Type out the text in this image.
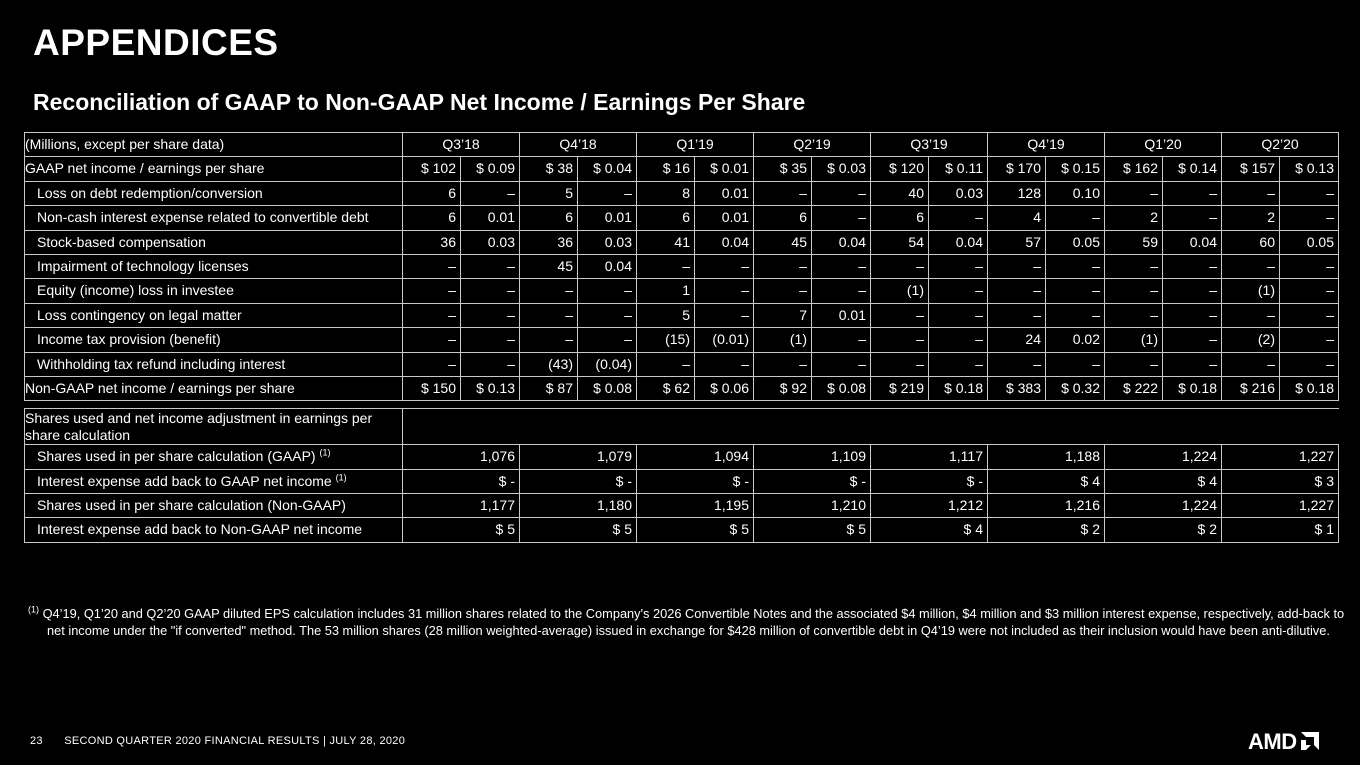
APPENDICES
Reconciliation of GAAP to Non-GAAP Net Income / Earnings Per Share
(Millions, except per share data)	Q3’18		Q4’18		Q1’19		Q2’19		Q3’19		Q4’19		Q1’20		Q2’20	
GAAP net income / earnings per share	$ 102	$ 0.09	$ 38	$ 0.04	$ 16	$ 0.01	$ 35	$ 0.03	$ 120	$ 0.11	$ 170	$ 0.15	$ 162	$ 0.14	$ 157	$ 0.13
Loss on debt redemption/conversion	6	–	5	–	8	0.01	–	–	40	0.03	128	0.10	–	–	–	–
Non-cash interest expense related to convertible debt	6	0.01	6	0.01	6	0.01	6	–	6	–	4	–	2	–	2	–
Stock-based compensation	36	0.03	36	0.03	41	0.04	45	0.04	54	0.04	57	0.05	59	0.04	60	0.05
Impairment of technology licenses	–	–	45	0.04	–	–	–	–	–	–	–	–	–	–	–	–
Equity (income) loss in investee	–	–	–	–	1	–	–	–	(1)	–	–	–	–	–	(1)	–
Loss contingency on legal matter	–	–	–	–	5	–	7	0.01	–	–	–	–	–	–	–	–
Income tax provision (benefit)	–	–	–	–	(15)	(0.01)	(1)	–	–	–	24	0.02	(1)	–	(2)	–
Withholding tax refund including interest	–	–	(43)	(0.04)	–	–	–	–	–	–	–	–	–	–	–	–
Non-GAAP net income / earnings per share	$ 150	$ 0.13	$ 87	$ 0.08	$ 62	$ 0.06	$ 92	$ 0.08	$ 219	$ 0.18	$ 383	$ 0.32	$ 222	$ 0.18	$ 216	$ 0.18

Shares used and net income adjustment in earnings per share calculation																
Shares used in per share calculation (GAAP) $^{(1)}$	1,076		1,079		1,094		1,109		1,117		1,188		1,224		1,227	
Interest expense add back to GAAP net income $^{(1)}$	$ -		$ -		$ -		$ -		$ -		$ 4		$ 4		$ 3	
Shares used in per share calculation (Non-GAAP)	1,177		1,180		1,195		1,210		1,212		1,216		1,224		1,227	
Interest expense add back to Non-GAAP net income	$ 5		$ 5		$ 5		$ 5		$ 4		$ 2		$ 2		$ 1	

$^{(1)}$ Q4’19, Q1’20 and Q2’20 GAAP diluted EPS calculation includes 31 million shares related to the Company's 2026 Convertible Notes and the associated $4 million, $4 million and $3 million interest expense, respectively, add-back to net income under the "if converted" method. The 53 million shares (28 million weighted-average) issued in exchange for $428 million of convertible debt in Q4’19 were not included as their inclusion would have been anti-dilutive.

23 SECOND QUARTER 2020 FINANCIAL RESULTS | JULY 28, 2020	AMD
